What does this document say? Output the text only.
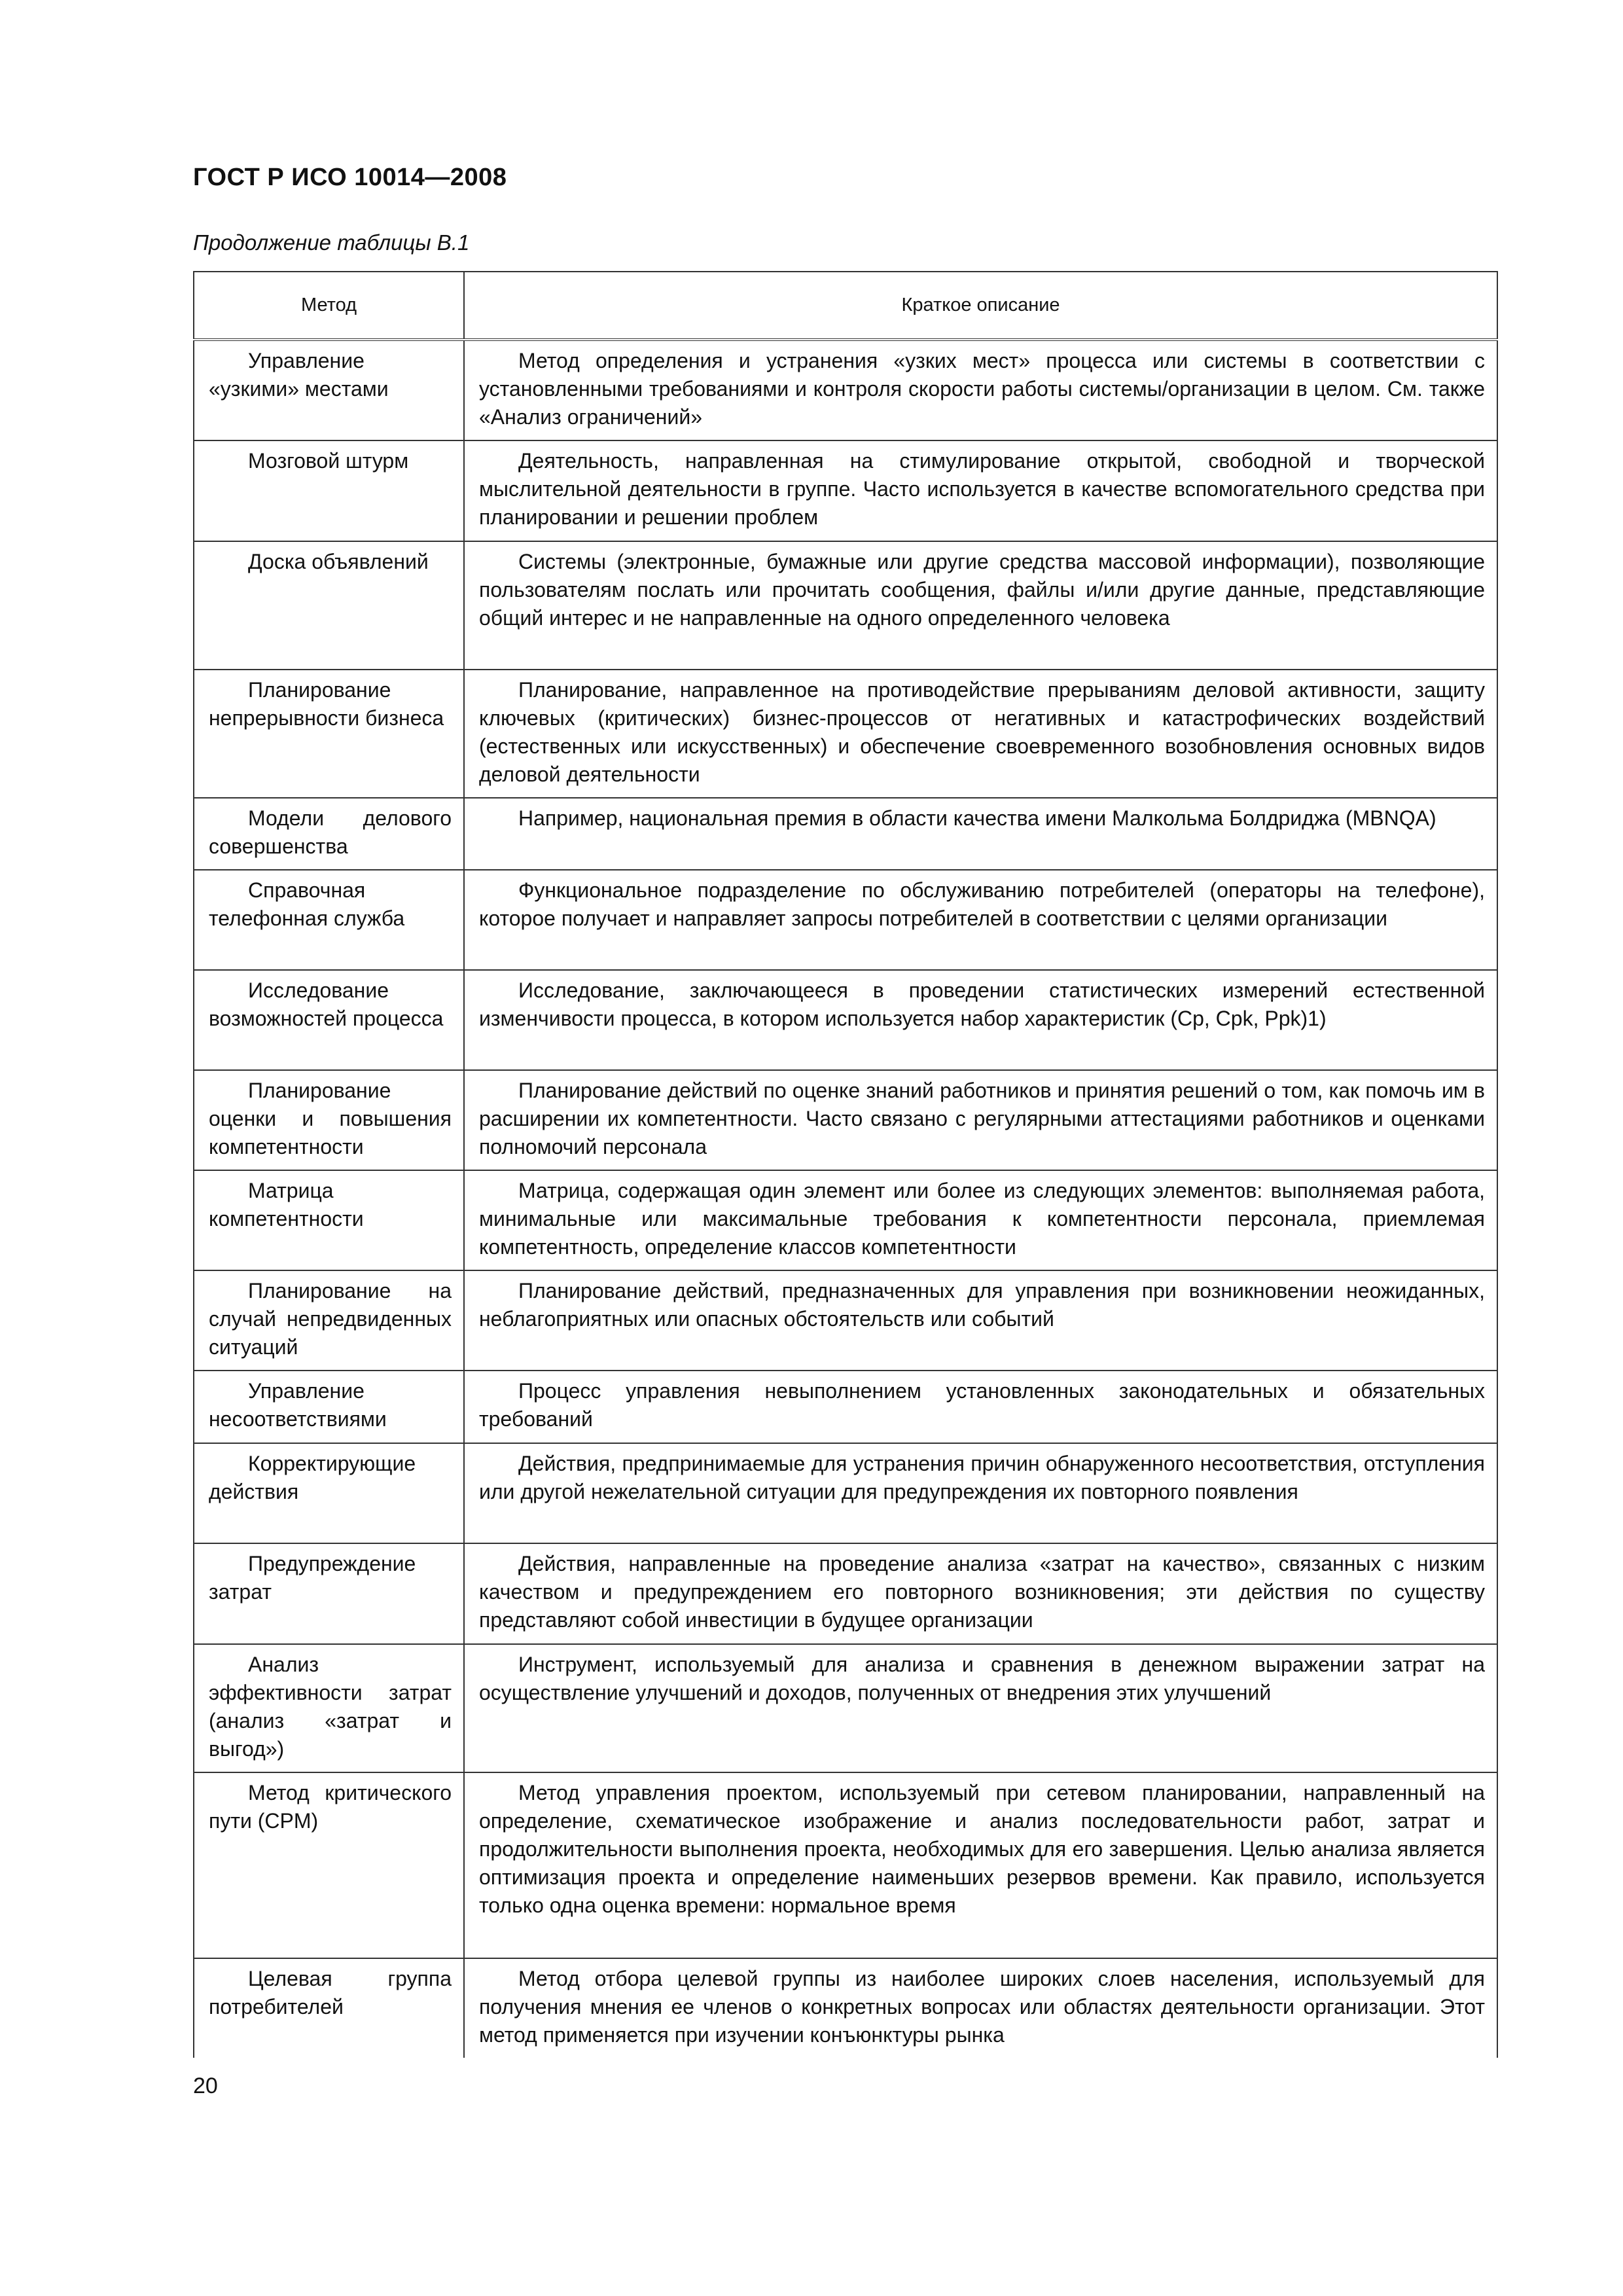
ГОСТ Р ИСО 10014—2008

Продолжение таблицы В.1

Метод	Краткое описание
Управление «узкими» местами	Метод определения и устранения «узких мест» процесса или системы в соответствии с установленными требованиями и контроля скорости работы системы/организации в целом. См. также «Анализ ограничений»
Мозговой штурм	Деятельность, направленная на стимулирование открытой, свободной и творческой мыслительной деятельности в группе. Часто используется в качестве вспомогательного средства при планировании и решении проблем
Доска объявлений	Системы (электронные, бумажные или другие средства массовой информации), позволяющие пользователям послать или прочитать сообщения, файлы и/или другие данные, представляющие общий интерес и не направленные на одного определенного человека
Планирование непрерывности бизнеса	Планирование, направленное на противодействие прерываниям деловой активности, защиту ключевых (критических) бизнес-процессов от негативных и катастрофических воздействий (естественных или искусственных) и обеспечение своевременного возобновления основных видов деловой деятельности
Модели делового совершенства	Например, национальная премия в области качества имени Малкольма Болдриджа (MBNQA)
Справочная телефонная служба	Функциональное подразделение по обслуживанию потребителей (операторы на телефоне), которое получает и направляет запросы потребителей в соответствии с целями организации
Исследование возможностей процесса	Исследование, заключающееся в проведении статистических измерений естественной изменчивости процесса, в котором используется набор характеристик (Cp, Cpk, Ppk)1)
Планирование оценки и повышения компетентности	Планирование действий по оценке знаний работников и принятия решений о том, как помочь им в расширении их компетентности. Часто связано с регулярными аттестациями работников и оценками полномочий персонала
Матрица компетентности	Матрица, содержащая один элемент или более из следующих элементов: выполняемая работа, минимальные или максимальные требования к компетентности персонала, приемлемая компетентность, определение классов компетентности
Планирование на случай непредвиденных ситуаций	Планирование действий, предназначенных для управления при возникновении неожиданных, неблагоприятных или опасных обстоятельств или событий
Управление несоответствиями	Процесс управления невыполнением установленных законодательных и обязательных требований
Корректирующие действия	Действия, предпринимаемые для устранения причин обнаруженного несоответствия, отступления или другой нежелательной ситуации для предупреждения их повторного появления
Предупреждение затрат	Действия, направленные на проведение анализа «затрат на качество», связанных с низким качеством и предупреждением его повторного возникновения; эти действия по существу представляют собой инвестиции в будущее организации
Анализ эффективности затрат (анализ «затрат и выгод»)	Инструмент, используемый для анализа и сравнения в денежном выражении затрат на осуществление улучшений и доходов, полученных от внедрения этих улучшений
Метод критического пути (CPM)	Метод управления проектом, используемый при сетевом планировании, направленный на определение, схематическое изображение и анализ последовательности работ, затрат и продолжительности выполнения проекта, необходимых для его завершения. Целью анализа является оптимизация проекта и определение наименьших резервов времени. Как правило, используется только одна оценка времени: нормальное время
Целевая группа потребителей	Метод отбора целевой группы из наиболее широких слоев населения, используемый для получения мнения ее членов о конкретных вопросах или областях деятельности организации. Этот метод применяется при изучении конъюнктуры рынка

20
